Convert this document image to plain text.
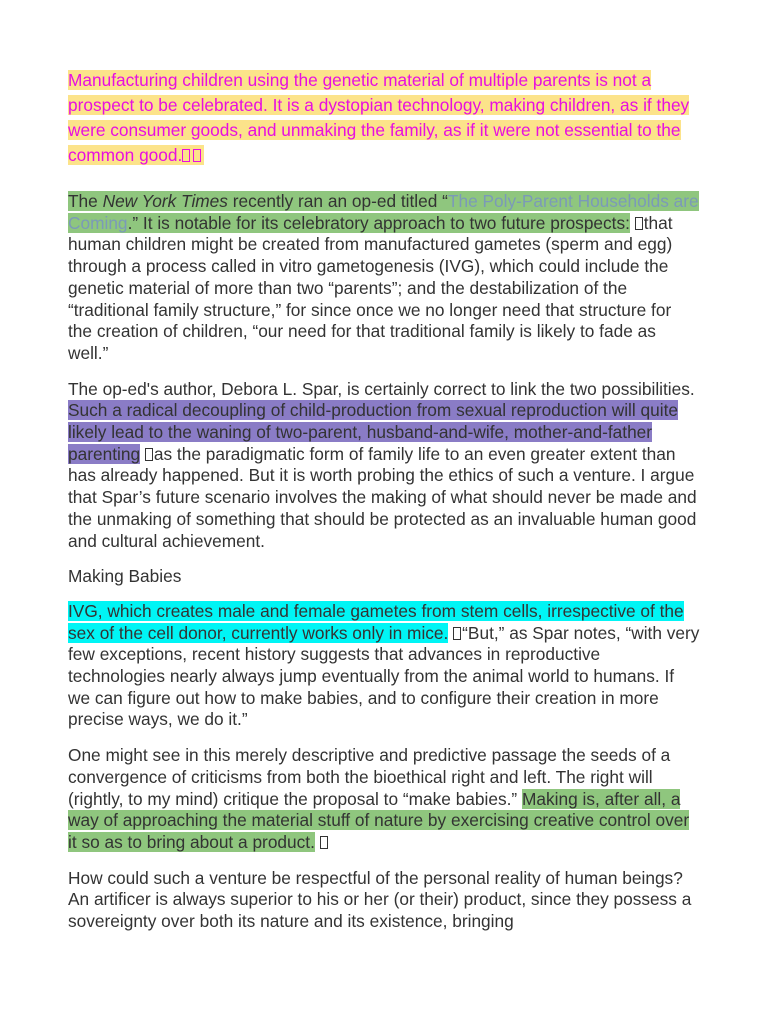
Manufacturing children using the genetic material of multiple parents is not a prospect to be celebrated. It is a dystopian technology, making children, as if they were consumer goods, and unmaking the family, as if it were not essential to the common good.

The New York Times recently ran an op-ed titled “The Poly-Parent Households are Coming.” It is notable for its celebratory approach to two future prospects: that human children might be created from manufactured gametes (sperm and egg) through a process called in vitro gametogenesis (IVG), which could include the genetic material of more than two “parents”; and the destabilization of the “traditional family structure,” for since once we no longer need that structure for the creation of children, “our need for that traditional family is likely to fade as well.”

The op-ed's author, Debora L. Spar, is certainly correct to link the two possibilities. Such a radical decoupling of child-production from sexual reproduction will quite likely lead to the waning of two-parent, husband-and-wife, mother-and-father parenting as the paradigmatic form of family life to an even greater extent than has already happened. But it is worth probing the ethics of such a venture. I argue that Spar’s future scenario involves the making of what should never be made and the unmaking of something that should be protected as an invaluable human good and cultural achievement.

Making Babies

IVG, which creates male and female gametes from stem cells, irrespective of the sex of the cell donor, currently works only in mice. “But,” as Spar notes, “with very few exceptions, recent history suggests that advances in reproductive technologies nearly always jump eventually from the animal world to humans. If we can figure out how to make babies, and to configure their creation in more precise ways, we do it.”

One might see in this merely descriptive and predictive passage the seeds of a convergence of criticisms from both the bioethical right and left. The right will (rightly, to my mind) critique the proposal to “make babies.” Making is, after all, a way of approaching the material stuff of nature by exercising creative control over it so as to bring about a product.

How could such a venture be respectful of the personal reality of human beings? An artificer is always superior to his or her (or their) product, since they possess a sovereignty over both its nature and its existence, bringing
